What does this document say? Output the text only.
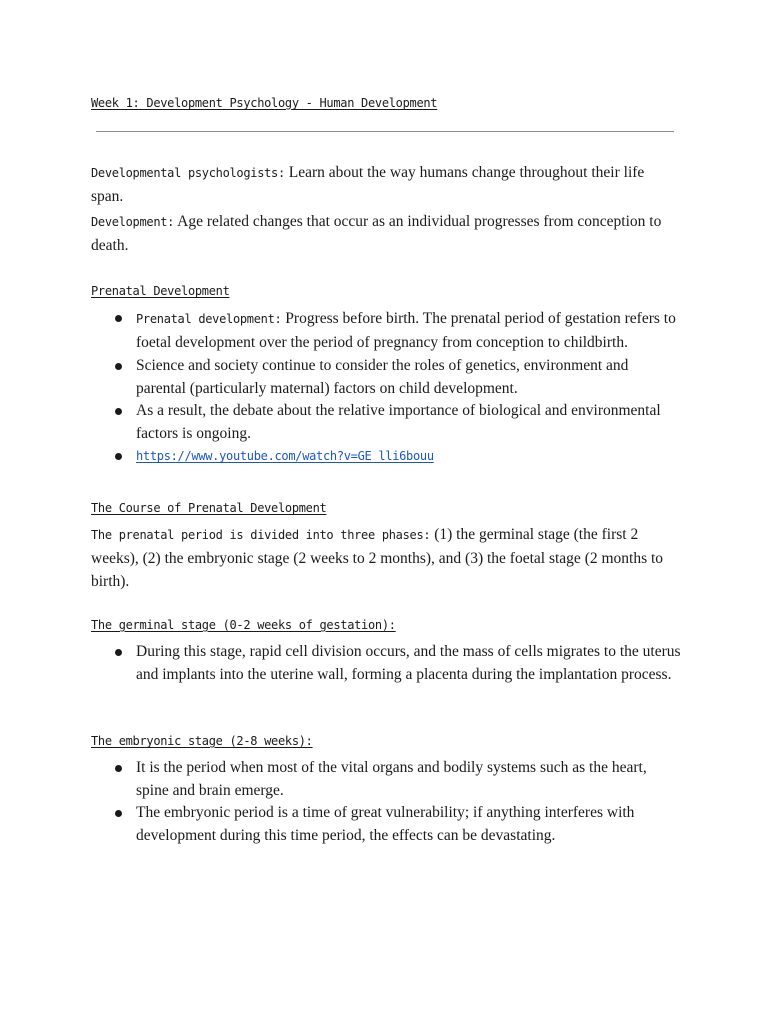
Week 1: Development Psychology - Human Development

Developmental psychologists: Learn about the way humans change throughout their life span.

Development: Age related changes that occur as an individual progresses from conception to death.

Prenatal Development

Prenatal development: Progress before birth. The prenatal period of gestation refers to foetal development over the period of pregnancy from conception to childbirth.
Science and society continue to consider the roles of genetics, environment and parental (particularly maternal) factors on child development.
As a result, the debate about the relative importance of biological and environmental factors is ongoing.
https://www.youtube.com/watch?v=GE_lli6bouu

The Course of Prenatal Development

The prenatal period is divided into three phases: (1) the germinal stage (the first 2 weeks), (2) the embryonic stage (2 weeks to 2 months), and (3) the foetal stage (2 months to birth).

The germinal stage (0-2 weeks of gestation):

During this stage, rapid cell division occurs, and the mass of cells migrates to the uterus and implants into the uterine wall, forming a placenta during the implantation process.

The embryonic stage (2-8 weeks):

It is the period when most of the vital organs and bodily systems such as the heart, spine and brain emerge.
The embryonic period is a time of great vulnerability; if anything interferes with development during this time period, the effects can be devastating.
